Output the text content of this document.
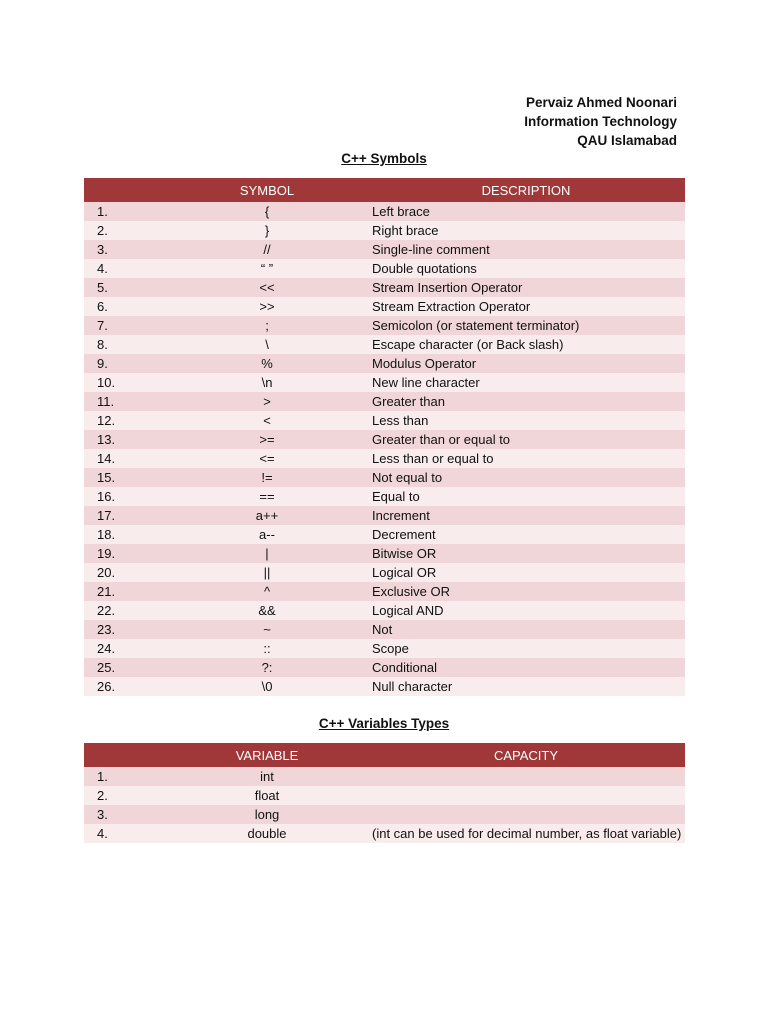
Pervaiz Ahmed Noonari
Information Technology
QAU Islamabad
C++ Symbols
	SYMBOL	DESCRIPTION
1.	{	Left brace
2.	}	Right brace
3.	//	Single-line comment
4.	“ ”	Double quotations
5.	<<	Stream Insertion Operator
6.	>>	Stream Extraction Operator
7.	;	Semicolon (or statement terminator)
8.	\	Escape character (or Back slash)
9.	%	Modulus Operator
10.	\n	New line character
11.	>	Greater than
12.	<	Less than
13.	>=	Greater than or equal to
14.	<=	Less than or equal to
15.	!=	Not equal to
16.	==	Equal to
17.	a++	Increment
18.	a--	Decrement
19.	|	Bitwise OR
20.	||	Logical OR
21.	^	Exclusive OR
22.	&&	Logical AND
23.	~	Not
24.	::	Scope
25.	?:	Conditional
26.	\0	Null character
C++ Variables Types
	VARIABLE	CAPACITY
1.	int	
2.	float	
3.	long	
4.	double	(int can be used for decimal number, as float variable)
